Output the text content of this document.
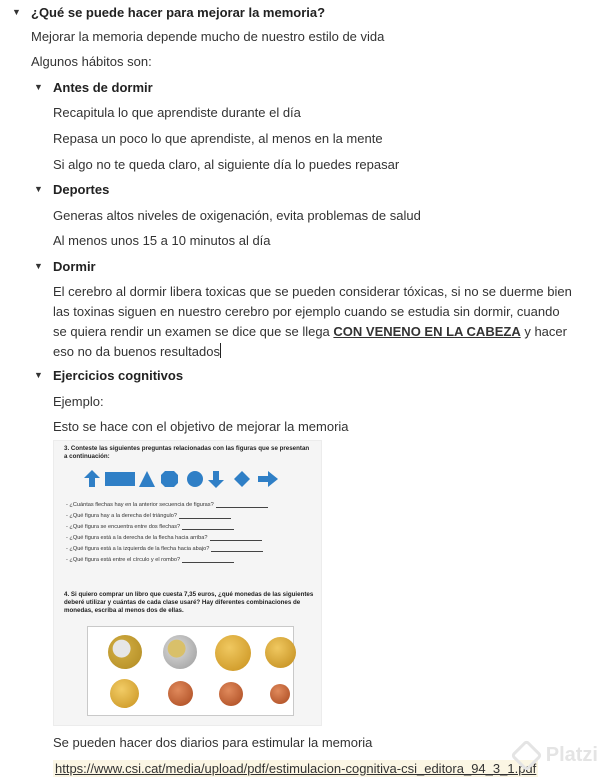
▼ ¿Qué se puede hacer para mejorar la memoria?
Mejorar la memoria depende mucho de nuestro estilo de vida
Algunos hábitos son:
▼ Antes de dormir
Recapitula lo que aprendiste durante el día
Repasa un poco lo que aprendiste, al menos en la mente
Si algo no te queda claro, al siguiente día lo puedes repasar
▼ Deportes
Generas altos niveles de oxigenación, evita problemas de salud
Al menos unos 15 a 10 minutos al día
▼ Dormir
El cerebro al dormir libera toxicas que se pueden considerar tóxicas, si no se duerme bien las toxinas siguen en nuestro cerebro por ejemplo cuando se estudia sin dormir, cuando se quiera rendir un examen se dice que se llega CON VENENO EN LA CABEZA y hacer eso no da buenos resultados
▼ Ejercicios cognitivos
Ejemplo:
Esto se hace con el objetivo de mejorar la memoria
3. Conteste las siguientes preguntas relacionadas con las figuras que se presentan a continuación:
- ¿Cuántas flechas hay en la anterior secuencia de figuras?
- ¿Qué figura hay a la derecha del triángulo?
- ¿Qué figura se encuentra entre dos flechas?
- ¿Qué figura está a la derecha de la flecha hacia arriba?
- ¿Qué figura está a la izquierda de la flecha hacia abajo?
- ¿Qué figura está entre el círculo y el rombo?
4. Si quiero comprar un libro que cuesta 7,35 euros, ¿qué monedas de las siguientes deberé utilizar y cuántas de cada clase usaré? Hay diferentes combinaciones de monedas, escriba al menos dos de ellas.
Se pueden hacer dos diarios para estimular la memoria
https://www.csi.cat/media/upload/pdf/estimulacion-cognitiva-csi_editora_94_3_1.pdf
Platzi
